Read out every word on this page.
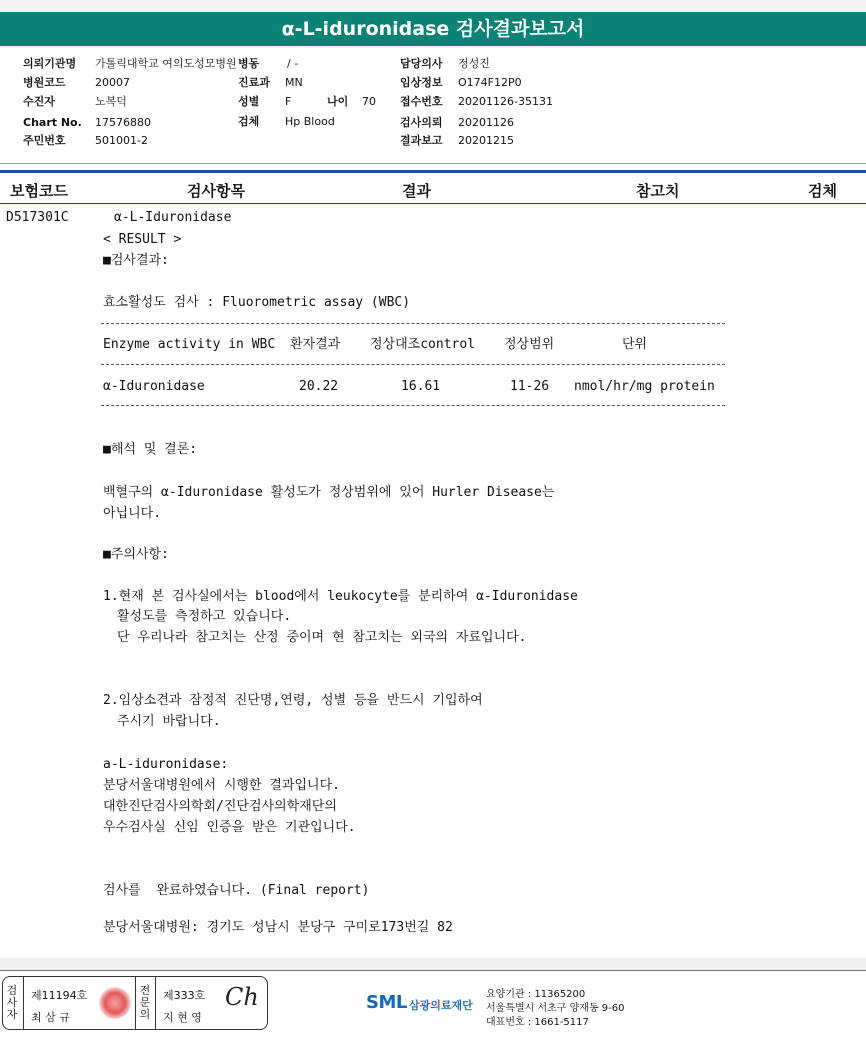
α-L-iduronidase 검사결과보고서
의뢰기관명 가톨릭대학교 여의도성모병원
병원코드	20007
수진자	노복덕
Chart No. 17576880
주민번호	501001-2
병동	/ -
진료과 MN
성별 F	나이 70
검체 Hp Blood
담당의사 정성진
임상정보 O174F12P0
접수번호 20201126-35131
검사의뢰 20201126
결과보고 20201215
보험코드	검사항목	결과	참고치	검체
D517301C	α-L-Iduronidase
< RESULT >
■검사결과:
효소활성도 검사 : Fluorometric assay (WBC)
Enzyme activity in WBC 환자결과 정상대조control 정상범위	단위
α-Iduronidase	20.22	16.61	11-26 nmol/hr/mg protein
■해석 및 결론:
백혈구의 α-Iduronidase 활성도가 정상범위에 있어 Hurler Disease는
아닙니다.
■주의사항:
1.현재 본 검사실에서는 blood에서 leukocyte를 분리하여 α-Iduronidase
활성도를 측정하고 있습니다.
단 우리나라 참고치는 산정 중이며 현 참고치는 외국의 자료입니다.
2.임상소견과 잠정적 진단명,연령, 성별 등을 반드시 기입하여
주시기 바랍니다.
a-L-iduronidase:
분당서울대병원에서 시행한 결과입니다.
대한진단검사의학회/진단검사의학재단의
우수검사실 신임 인증을 받은 기관입니다.
검사를  완료하였습니다. (Final report)
분당서울대병원: 경기도 성남시 분당구 구미로173번길 82
검
사
자
제11194호
최 삼 규
전
문
의
제333호
지 현 영
Ch	SML 삼광의료재단
요양기관 : 11365200
서울특별시 서초구 양재동 9-60
대표번호 : 1661-5117
